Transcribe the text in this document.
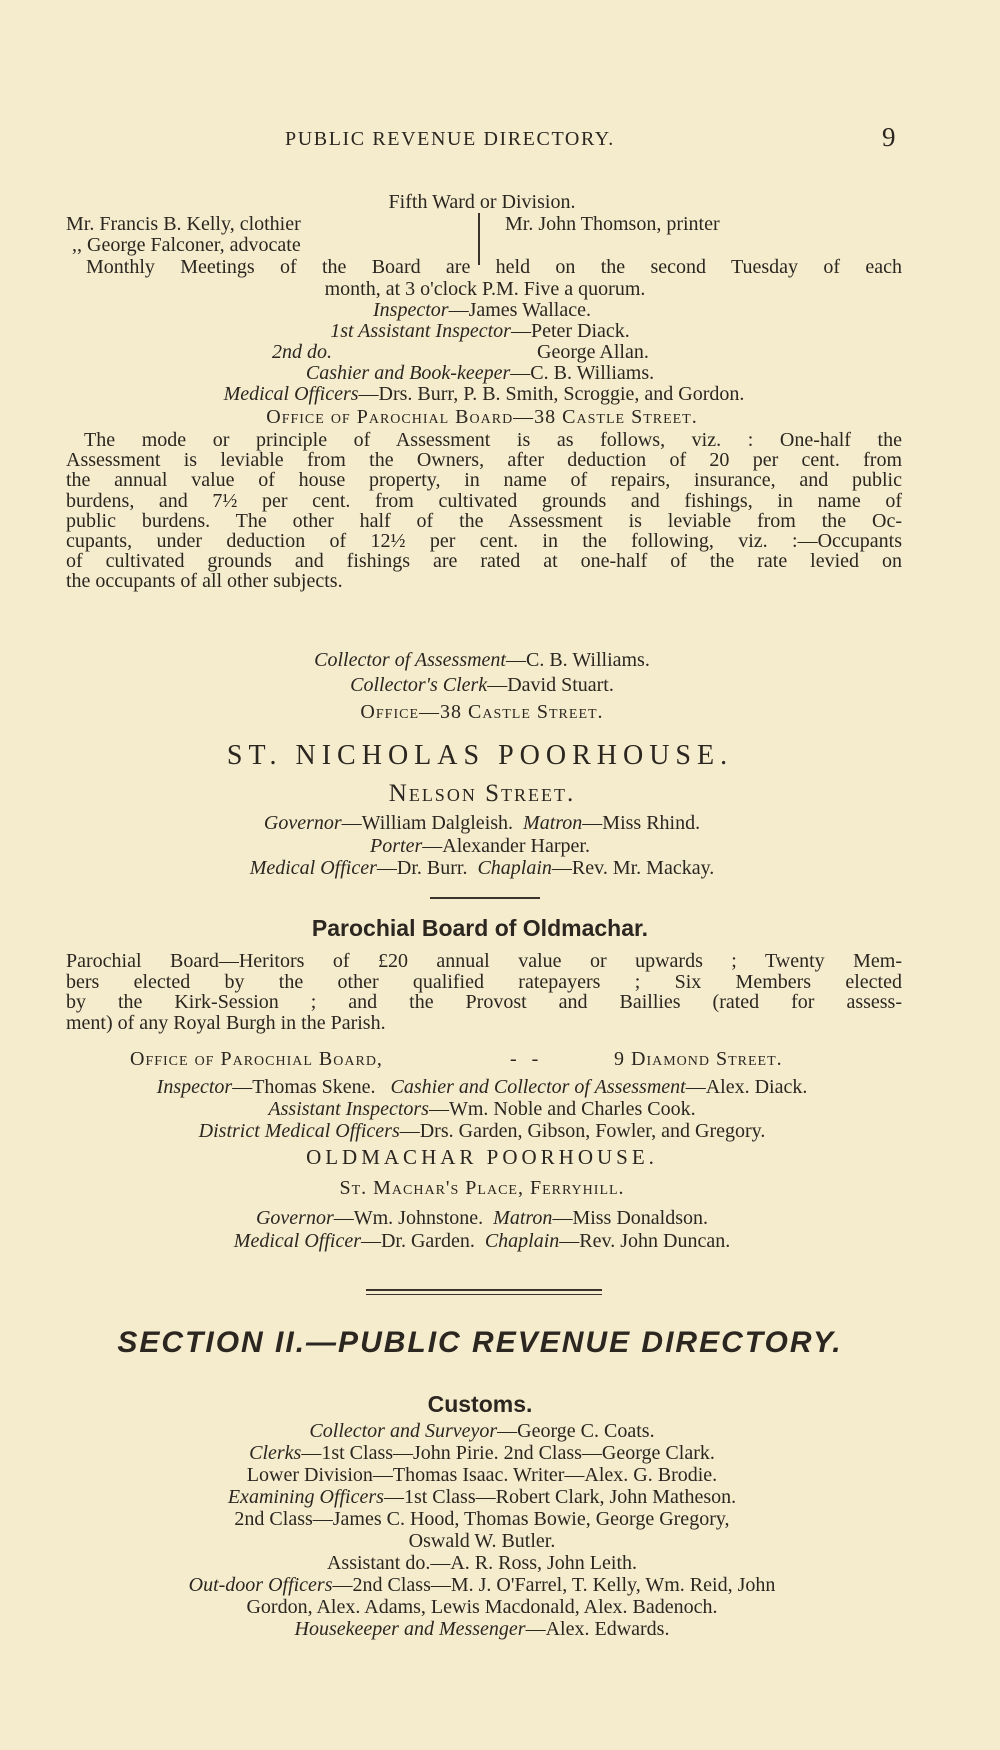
PUBLIC REVENUE DIRECTORY.	9
Fifth Ward or Division.
Mr. Francis B. Kelly, clothier
,, George Falconer, advocate
Mr. John Thomson, printer
Monthly Meetings of the Board are held on the second Tuesday of each
month, at 3 o'clock P.M. Five a quorum.
Inspector—James Wallace.
1st Assistant Inspector—Peter Diack.
2nd do.	George Allan.
Cashier and Book-keeper—C. B. Williams.
Medical Officers—Drs. Burr, P. B. Smith, Scroggie, and Gordon.
Office of Parochial Board—38 Castle Street.

The mode or principle of Assessment is as follows, viz. : One-half the

Assessment is leviable from the Owners, after deduction of 20 per cent. from

the annual value of house property, in name of repairs, insurance, and public

burdens, and 7½ per cent. from cultivated grounds and fishings, in name of

public burdens. The other half of the Assessment is leviable from the Oc-

cupants, under deduction of 12½ per cent. in the following, viz. :—Occupants

of cultivated grounds and fishings are rated at one-half of the rate levied on

the occupants of all other subjects.

Collector of Assessment—C. B. Williams.
Collector's Clerk—David Stuart.
Office—38 Castle Street.
ST. NICHOLAS POORHOUSE.
Nelson Street.
Governor—William Dalgleish. Matron—Miss Rhind.
Porter—Alexander Harper.
Medical Officer—Dr. Burr. Chaplain—Rev. Mr. Mackay.
Parochial Board of Oldmachar.

Parochial Board—Heritors of £20 annual value or upwards ; Twenty Mem-

bers elected by the other qualified ratepayers ; Six Members elected

by the Kirk-Session ; and the Provost and Baillies (rated for assess-

ment) of any Royal Burgh in the Parish.

Office of Parochial Board,	-   -	9 Diamond Street.
Inspector—Thomas Skene. Cashier and Collector of Assessment—Alex. Diack.
Assistant Inspectors—Wm. Noble and Charles Cook.
District Medical Officers—Drs. Garden, Gibson, Fowler, and Gregory.
OLDMACHAR POORHOUSE.
St. Machar's Place, Ferryhill.
Governor—Wm. Johnstone. Matron—Miss Donaldson.
Medical Officer—Dr. Garden. Chaplain—Rev. John Duncan.
SECTION II.—PUBLIC REVENUE DIRECTORY.
Customs.
Collector and Surveyor—George C. Coats.
Clerks—1st Class—John Pirie. 2nd Class—George Clark.
Lower Division—Thomas Isaac. Writer—Alex. G. Brodie.
Examining Officers—1st Class—Robert Clark, John Matheson.
2nd Class—James C. Hood, Thomas Bowie, George Gregory,
Oswald W. Butler.
Assistant do.—A. R. Ross, John Leith.
Out-door Officers—2nd Class—M. J. O'Farrel, T. Kelly, Wm. Reid, John
Gordon, Alex. Adams, Lewis Macdonald, Alex. Badenoch.
Housekeeper and Messenger—Alex. Edwards.
